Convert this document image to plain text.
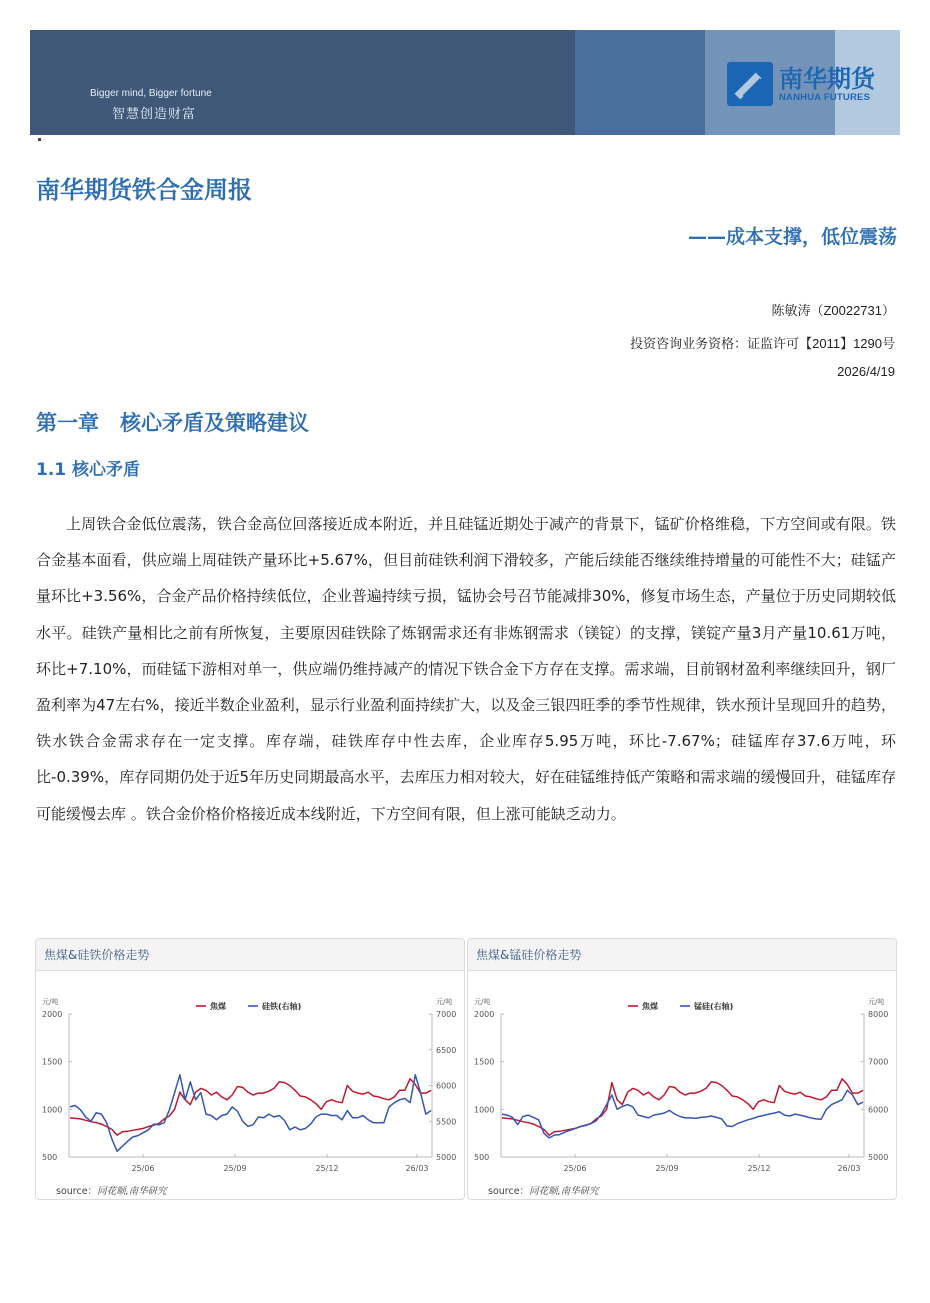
Bigger mind, Bigger fortune
智慧创造财富
南华期货
NANHUA FUTURES
南华期货铁合金周报
——成本支撑，低位震荡
陈敏涛（Z0022731）
投资咨询业务资格：证监许可【2011】1290号
2026/4/19
第一章　核心矛盾及策略建议
1.1 核心矛盾

上周铁合金低位震荡，铁合金高位回落接近成本附近，并且硅锰近期处于减产的背景下，锰矿价格维稳，下方空间或有限。铁合金基本面看，供应端上周硅铁产量环比+5.67%，但目前硅铁利润下滑较多，产能后续能否继续维持增量的可能性不大；硅锰产量环比+3.56%，合金产品价格持续低位，企业普遍持续亏损，锰协会号召节能减排30%，修复市场生态，产量位于历史同期较低水平。硅铁产量相比之前有所恢复，主要原因硅铁除了炼钢需求还有非炼钢需求（镁锭）的支撑，镁锭产量3月产量10.61万吨，环比+7.10%，而硅锰下游相对单一，供应端仍维持减产的情况下铁合金下方存在支撑。需求端，目前钢材盈利率继续回升，钢厂盈利率为47左右%，接近半数企业盈利，显示行业盈利面持续扩大，以及金三银四旺季的季节性规律，铁水预计呈现回升的趋势，铁水铁合金需求存在一定支撑。库存端，硅铁库存中性去库，企业库存5.95万吨，环比-7.67%；硅锰库存37.6万吨，环比-0.39%，库存同期仍处于近5年历史同期最高水平，去库压力相对较大，好在硅锰维持低产策略和需求端的缓慢回升，硅锰库存可能缓慢去库 。铁合金价格价格接近成本线附近，下方空间有限，但上涨可能缺乏动力。

焦煤&硅铁价格走势
元/吨	元/吨
500
1000
1500
2000
5000
5500
6000
6500
7000
25/06	25/09	25/12	26/03
焦煤	硅铁(右轴)
source：同花顺,南华研究
焦煤&锰硅价格走势
元/吨	元/吨
500
1000
1500
2000
5000
6000
7000
8000
25/06	25/09	25/12	26/03
焦煤	锰硅(右轴)
source：同花顺,南华研究
